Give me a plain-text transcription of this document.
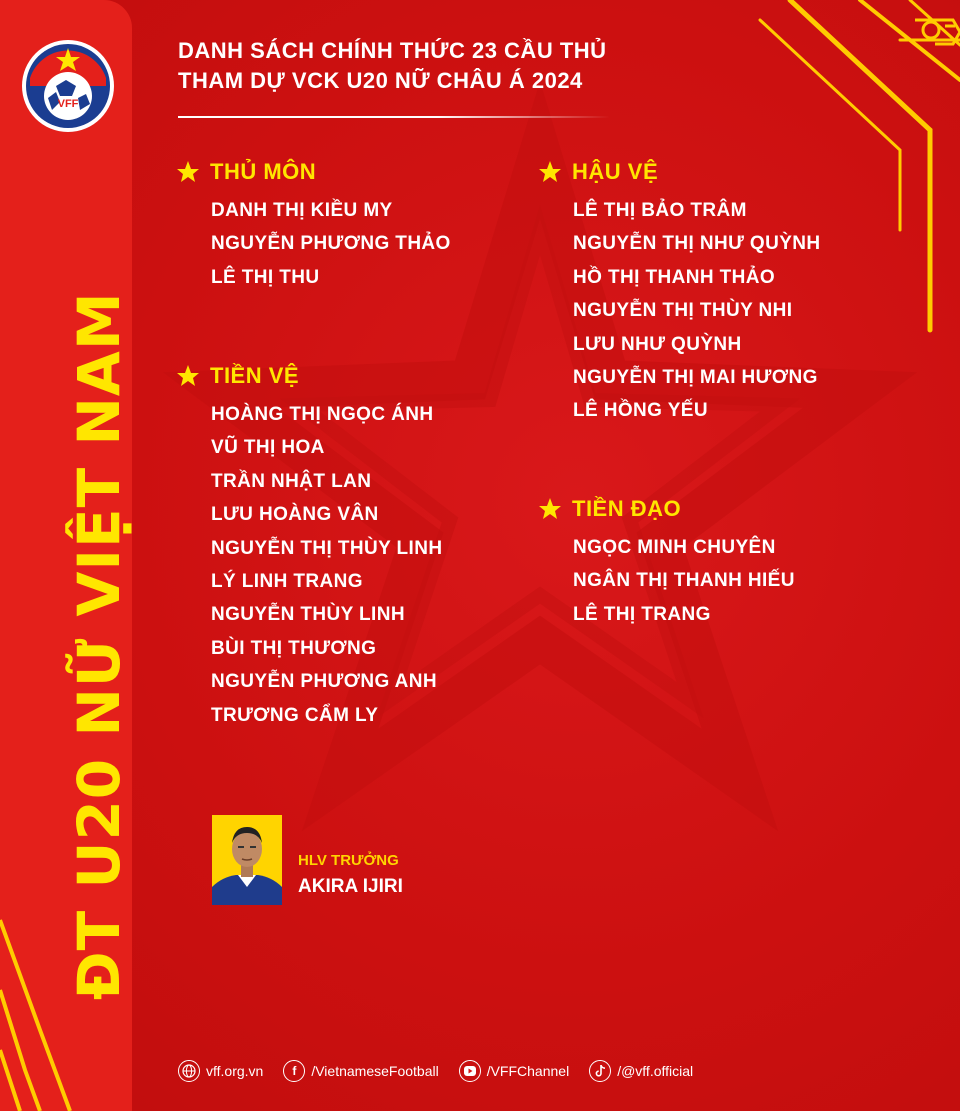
VFF
ĐT U20 NỮ VIỆT NAM
DANH SÁCH CHÍNH THỨC 23 CẦU THỦ
THAM DỰ VCK U20 NỮ CHÂU Á 2024
THỦ MÔN
DANH THỊ KIỀU MY
NGUYỄN PHƯƠNG THẢO
LÊ THỊ THU
TIỀN VỆ
HOÀNG THỊ NGỌC ÁNH
VŨ THỊ HOA
TRẦN NHẬT LAN
LƯU HOÀNG VÂN
NGUYỄN THỊ THÙY LINH
LÝ LINH TRANG
NGUYỄN THÙY LINH
BÙI THỊ THƯƠNG
NGUYỄN PHƯƠNG ANH
TRƯƠNG CẨM LY
HẬU VỆ
LÊ THỊ BẢO TRÂM
NGUYỄN THỊ NHƯ QUỲNH
HỒ THỊ THANH THẢO
NGUYỄN THỊ THÙY NHI
LƯU NHƯ QUỲNH
NGUYỄN THỊ MAI HƯƠNG
LÊ HỒNG YẾU
TIỀN ĐẠO
NGỌC MINH CHUYÊN
NGÂN THỊ THANH HIẾU
LÊ THỊ TRANG
HLV TRƯỞNG
AKIRA IJIRI
vff.org.vn	f	/VietnameseFootball	/VFFChannel	/@vff.official
